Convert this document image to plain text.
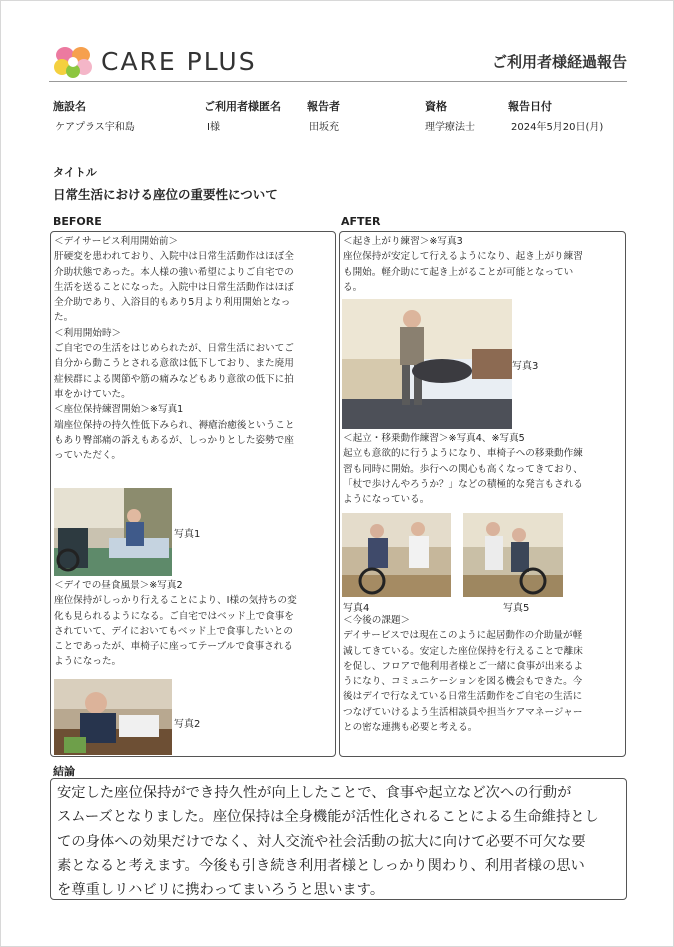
CARE PLUS	ご利用者様経過報告
施設名	ご利用者様匿名 報告者	資格	報告日付
ケアプラス宇和島	I様	田坂充	理学療法士	2024年5月20日(月)
タイトル
日常生活における座位の重要性について
BEFORE	AFTER
＜デイサービス利用開始前＞
肝硬変を患われており、入院中は日常生活動作はほぼ全
介助状態であった。本人様の強い希望によりご自宅での
生活を送ることになった。入院中は日常生活動作はほぼ
全介助であり、入浴目的もあり5月より利用開始となっ
た。
＜利用開始時＞
ご自宅での生活をはじめられたが、日常生活においてご
自分から動こうとされる意欲は低下しており、また廃用
症候群による関節や筋の痛みなどもあり意欲の低下に拍
車をかけていた。
＜座位保持練習開始＞※写真1
端座位保持の持久性低下みられ、褥瘡治癒後ということ
もあり臀部痛の訴えもあるが、しっかりとした姿勢で座
っていただく。
写真1
＜デイでの昼食風景＞※写真2
座位保持がしっかり行えることにより、I様の気持ちの変
化も見られるようになる。ご自宅ではベッド上で食事を
されていて、デイにおいてもベッド上で食事したいとの
ことであったが、車椅子に座ってテーブルで食事される
ようになった。
写真2
＜起き上がり練習＞※写真3
座位保持が安定して行えるようになり、起き上がり練習
も開始。軽介助にて起き上がることが可能となってい
る。
写真3
＜起立・移乗動作練習＞※写真4、※写真5
起立も意欲的に行うようになり、車椅子への移乗動作練
習も同時に開始。歩行への関心も高くなってきており、
「杖で歩けんやろうか？」などの積極的な発言もされる
ようになっている。
写真4	写真5
＜今後の課題＞
デイサービスでは現在このように起居動作の介助量が軽
減してきている。安定した座位保持を行えることで離床
を促し、フロアで他利用者様とご一緒に食事が出来るよ
うになり、コミュニケーションを図る機会もできた。今
後はデイで行なえている日常生活動作をご自宅の生活に
つなげていけるよう生活相談員や担当ケアマネージャー
との密な連携も必要と考える。
結論
安定した座位保持ができ持久性が向上したことで、食事や起立など次への行動が
スムーズとなりました。座位保持は全身機能が活性化されることによる生命維持とし
ての身体への効果だけでなく、対人交流や社会活動の拡大に向けて必要不可欠な要
素となると考えます。今後も引き続き利用者様としっかり関わり、利用者様の思い
を尊重しリハビリに携わってまいろうと思います。
